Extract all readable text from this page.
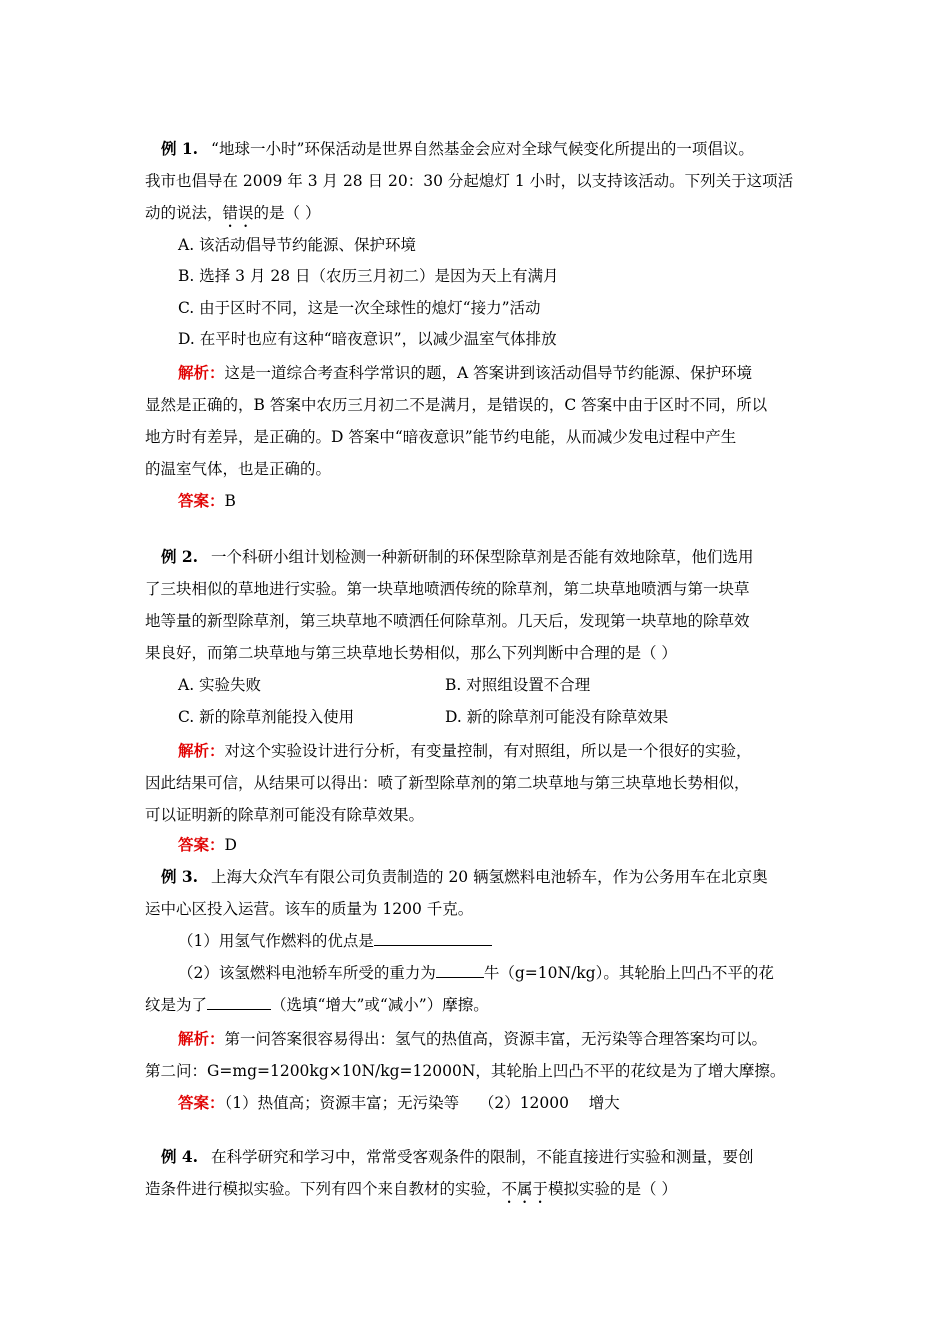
例 1. “地球一小时”环保活动是世界自然基金会应对全球气候变化所提出的一项倡议。
我市也倡导在 2009 年 3 月 28 日 20：30 分起熄灯 1 小时，以支持该活动。下列关于这项活
动的说法，错误的是（ ）
A. 该活动倡导节约能源、保护环境
B. 选择 3 月 28 日（农历三月初二）是因为天上有满月
C. 由于区时不同，这是一次全球性的熄灯“接力”活动
D. 在平时也应有这种“暗夜意识”，以减少温室气体排放
解析：这是一道综合考查科学常识的题，A 答案讲到该活动倡导节约能源、保护环境
显然是正确的，B 答案中农历三月初二不是满月，是错误的，C 答案中由于区时不同，所以
地方时有差异，是正确的。D 答案中“暗夜意识”能节约电能，从而减少发电过程中产生
的温室气体，也是正确的。
答案：B
例 2. 一个科研小组计划检测一种新研制的环保型除草剂是否能有效地除草，他们选用
了三块相似的草地进行实验。第一块草地喷洒传统的除草剂，第二块草地喷洒与第一块草
地等量的新型除草剂，第三块草地不喷洒任何除草剂。几天后，发现第一块草地的除草效
果良好，而第二块草地与第三块草地长势相似，那么下列判断中合理的是（ ）
A. 实验失败	B. 对照组设置不合理
C. 新的除草剂能投入使用	D. 新的除草剂可能没有除草效果
解析：对这个实验设计进行分析，有变量控制，有对照组，所以是一个很好的实验，
因此结果可信，从结果可以得出：喷了新型除草剂的第二块草地与第三块草地长势相似，
可以证明新的除草剂可能没有除草效果。
答案：D
例 3. 上海大众汽车有限公司负责制造的 20 辆氢燃料电池轿车，作为公务用车在北京奥
运中心区投入运营。该车的质量为 1200 千克。
（1）用氢气作燃料的优点是
（2）该氢燃料电池轿车所受的重力为	牛（g=10N/kg）。其轮胎上凹凸不平的花
纹是为了	（选填“增大”或“减小”）摩擦。
解析：第一问答案很容易得出：氢气的热值高，资源丰富，无污染等合理答案均可以。
第二问：G=mg=1200kg×10N/kg=12000N，其轮胎上凹凸不平的花纹是为了增大摩擦。
答案：（1）热值高；资源丰富；无污染等    （2）12000    增大
例 4. 在科学研究和学习中，常常受客观条件的限制，不能直接进行实验和测量，要创
造条件进行模拟实验。下列有四个来自教材的实验，不属于模拟实验的是（ ）
